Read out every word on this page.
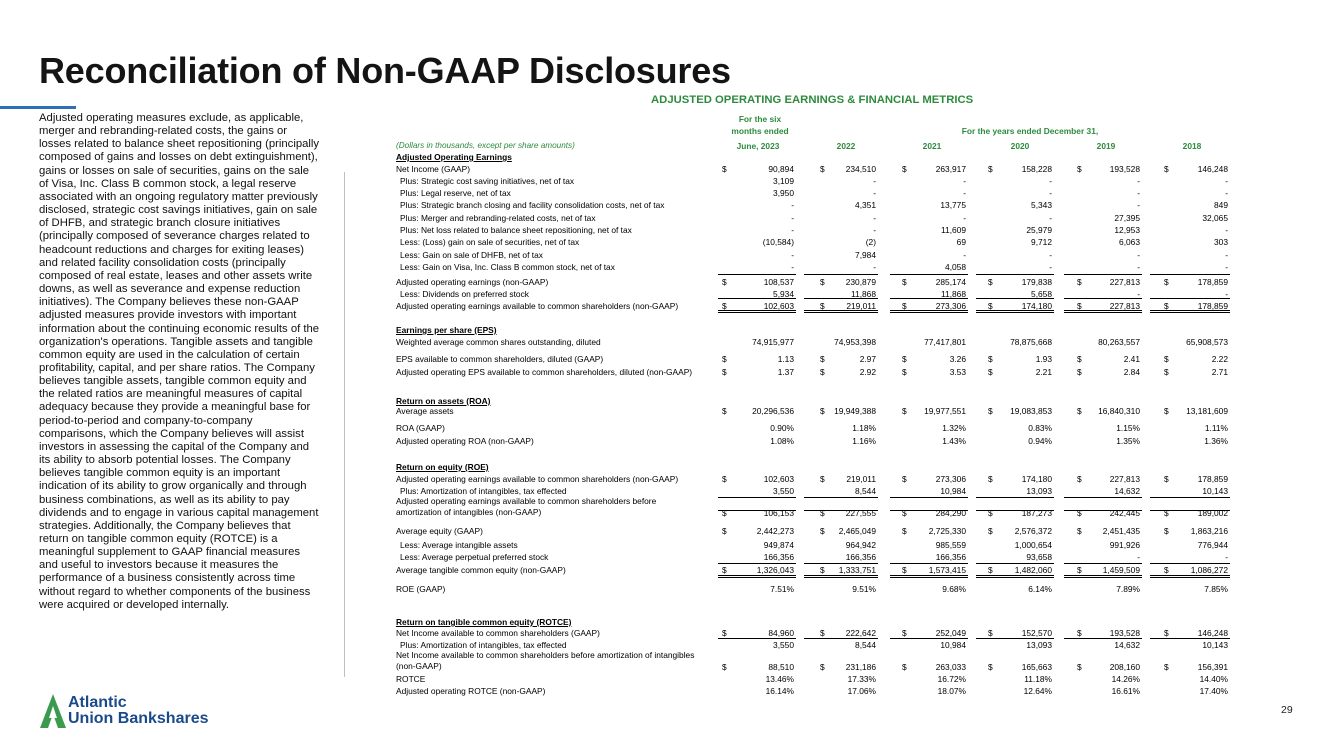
Reconciliation of Non-GAAP Disclosures
Adjusted operating measures exclude, as applicable, merger and rebranding-related costs, the gains or losses related to balance sheet repositioning (principally composed of gains and losses on debt extinguishment), gains or losses on sale of securities, gains on the sale of Visa, Inc. Class B common stock, a legal reserve associated with an ongoing regulatory matter previously disclosed, strategic cost savings initiatives, gain on sale of DHFB, and strategic branch closure initiatives (principally composed of severance charges related to headcount reductions and charges for exiting leases) and related facility consolidation costs (principally composed of real estate, leases and other assets write downs, as well as severance and expense reduction initiatives). The Company believes these non-GAAP adjusted measures provide investors with important information about the continuing economic results of the organization's operations. Tangible assets and tangible common equity are used in the calculation of certain profitability, capital, and per share ratios. The Company believes tangible assets, tangible common equity and the related ratios are meaningful measures of capital adequacy because they provide a meaningful base for period-to-period and company-to-company comparisons, which the Company believes will assist investors in assessing the capital of the Company and its ability to absorb potential losses. The Company believes tangible common equity is an important indication of its ability to grow organically and through business combinations, as well as its ability to pay dividends and to engage in various capital management strategies. Additionally, the Company believes that return on tangible common equity (ROTCE) is a meaningful supplement to GAAP financial measures and useful to investors because it measures the performance of a business consistently across time without regard to whether components of the business were acquired or developed internally.
ADJUSTED OPERATING EARNINGS & FINANCIAL METRICS
For the six
months ended	For the years ended December 31,
(Dollars in thousands, except per share amounts)	June, 2023	2022	2021	2020	2019	2018
Adjusted Operating Earnings
Net Income (GAAP)	$	90,894	$	234,510	$	263,917	$	158,228	$	193,528	$	146,248
Plus: Strategic cost saving initiatives, net of tax	3,109	-	-	-	-	-
Plus: Legal reserve, net of tax	3,950	-	-	-	-	-
Plus: Strategic branch closing and facility consolidation costs, net of tax	-	4,351	13,775	5,343	-	849
Plus: Merger and rebranding-related costs, net of tax	-	-	-	-	27,395	32,065
Plus: Net loss related to balance sheet repositioning, net of tax	-	-	11,609	25,979	12,953	-
Less: (Loss) gain on sale of securities, net of tax	(10,584)	(2)	69	9,712	6,063	303
Less: Gain on sale of DHFB, net of tax	-	7,984	-	-	-	-
Less: Gain on Visa, Inc. Class B common stock, net of tax	-	-	4,058	-	-	-
Adjusted operating earnings (non-GAAP)	$	108,537	$	230,879	$	285,174	$	179,838	$	227,813	$	178,859
Less: Dividends on preferred stock	5,934	11,868	11,868	5,658	-	-
Adjusted operating earnings available to common shareholders (non-GAAP)	$	102,603	$	219,011	$	273,306	$	174,180	$	227,813	$	178,859
Earnings per share (EPS)
Weighted average common shares outstanding, diluted	74,915,977	74,953,398	77,417,801	78,875,668	80,263,557	65,908,573
EPS available to common shareholders, diluted (GAAP)	$	1.13	$	2.97	$	3.26	$	1.93	$	2.41	$	2.22
Adjusted operating EPS available to common shareholders, diluted (non-GAAP)	$	1.37	$	2.92	$	3.53	$	2.21	$	2.84	$	2.71
Return on assets (ROA)
Average assets	$	20,296,536	$ 19,949,388	$ 19,977,551	$ 19,083,853	$ 16,840,310	$ 13,181,609
ROA (GAAP)	0.90%	1.18%	1.32%	0.83%	1.15%	1.11%
Adjusted operating ROA (non-GAAP)	1.08%	1.16%	1.43%	0.94%	1.35%	1.36%
Return on equity (ROE)
Adjusted operating earnings available to common shareholders (non-GAAP)	$	102,603	$	219,011	$	273,306	$	174,180	$	227,813	$	178,859
Plus: Amortization of intangibles, tax effected	3,550	8,544	10,984	13,093	14,632	10,143
Adjusted operating earnings available to common shareholders before amortization of intangibles (non-GAAP)	$	106,153	$	227,555	$	284,290	$	187,273	$	242,445	$	189,002
Average equity (GAAP)	$	2,442,273	$ 2,465,049	$	2,725,330	$	2,576,372	$	2,451,435	$	1,863,216
Less: Average intangible assets	949,874	964,942	985,559	1,000,654	991,926	776,944
Less: Average perpetual preferred stock	166,356	166,356	166,356	93,658	-	-
Average tangible common equity (non-GAAP)	$	1,326,043	$ 1,333,751	$	1,573,415	$	1,482,060	$	1,459,509	$	1,086,272
ROE (GAAP)	7.51%	9.51%	9.68%	6.14%	7.89%	7.85%
Return on tangible common equity (ROTCE)
Net Income available to common shareholders (GAAP)	$	84,960	$	222,642	$	252,049	$	152,570	$	193,528	$	146,248
Plus: Amortization of intangibles, tax effected	3,550	8,544	10,984	13,093	14,632	10,143
Net Income available to common shareholders before amortization of intangibles (non-GAAP)	$	88,510	$	231,186	$	263,033	$	165,663	$	208,160	$	156,391
ROTCE	13.46%	17.33%	16.72%	11.18%	14.26%	14.40%
Adjusted operating ROTCE (non-GAAP)	16.14%	17.06%	18.07%	12.64%	16.61%	17.40%
Atlantic
Union Bankshares	29
